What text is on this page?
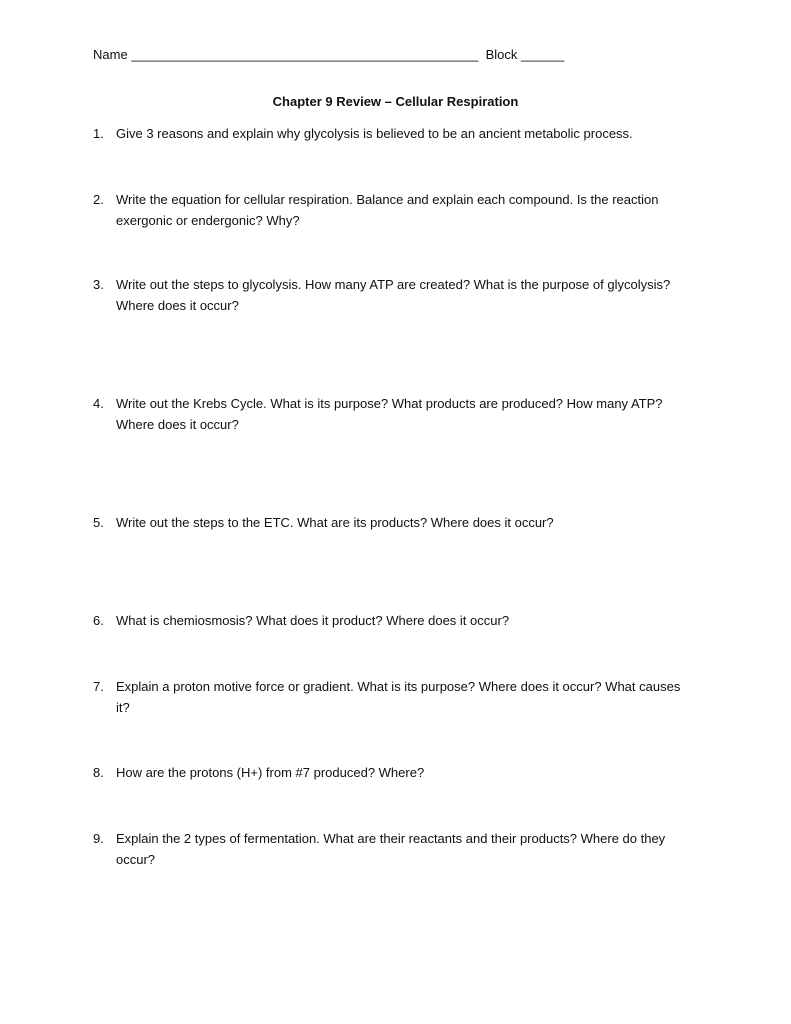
Name ________________________________________________ Block ______
Chapter 9 Review – Cellular Respiration
1. Give 3 reasons and explain why glycolysis is believed to be an ancient metabolic process.
2. Write the equation for cellular respiration. Balance and explain each compound. Is the reaction exergonic or endergonic? Why?
3. Write out the steps to glycolysis. How many ATP are created? What is the purpose of glycolysis? Where does it occur?
4. Write out the Krebs Cycle. What is its purpose? What products are produced? How many ATP? Where does it occur?
5. Write out the steps to the ETC. What are its products? Where does it occur?
6. What is chemiosmosis? What does it product? Where does it occur?
7. Explain a proton motive force or gradient. What is its purpose? Where does it occur? What causes it?
8. How are the protons (H+) from #7 produced? Where?
9. Explain the 2 types of fermentation. What are their reactants and their products? Where do they occur?
